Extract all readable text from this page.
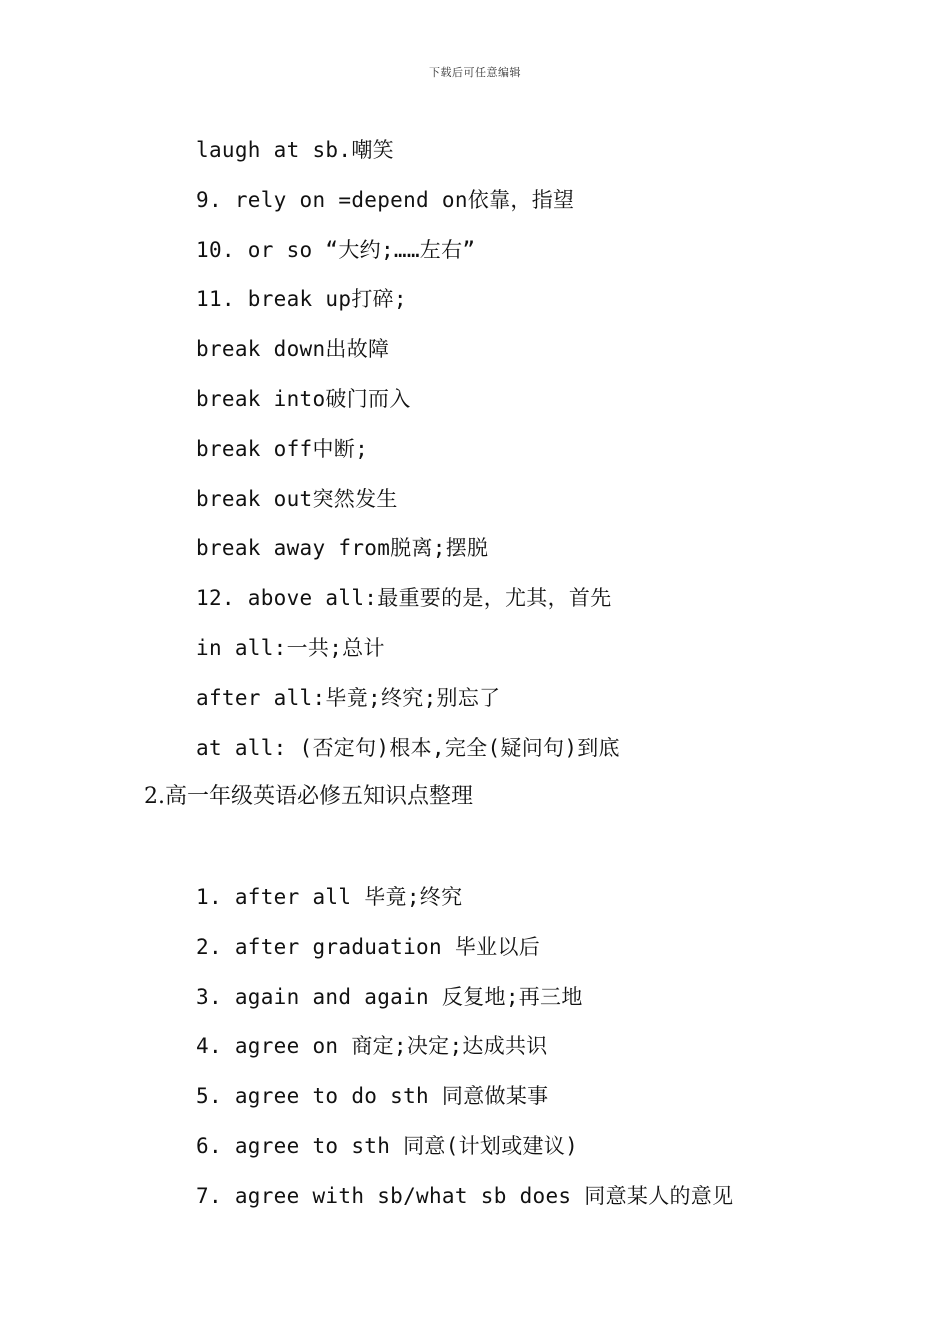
下载后可任意编辑
laugh at sb.嘲笑
9. rely on =depend on依靠，指望
10. or so “大约;……左右”
11. break up打碎;
break down出故障
break into破门而入
break off中断;
break out突然发生
break away from脱离;摆脱
12. above all:最重要的是，尤其，首先
in all:一共;总计
after all:毕竟;终究;别忘了
at all: (否定句)根本,完全(疑问句)到底
2.高一年级英语必修五知识点整理
1. after all 毕竟;终究
2. after graduation 毕业以后
3. again and again 反复地;再三地
4. agree on 商定;决定;达成共识
5. agree to do sth 同意做某事
6. agree to sth 同意(计划或建议)
7. agree with sb/what sb does 同意某人的意见
